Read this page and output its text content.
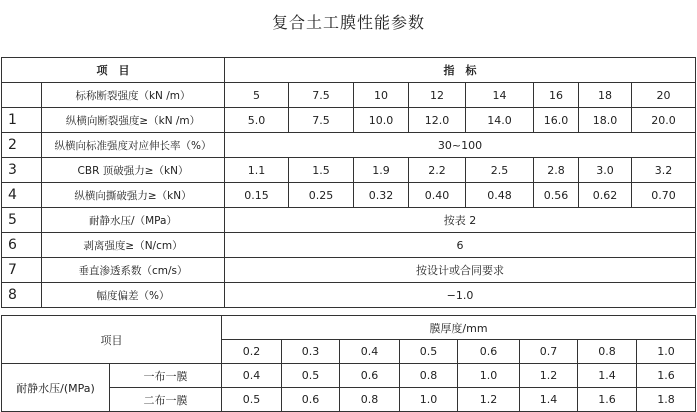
复合土工膜性能参数
项　目		指　标							
	标称断裂强度（kN /m）	5	7.5	10	12	14	16	18	20
1	纵横向断裂强度≥（kN /m）	5.0	7.5	10.0	12.0	14.0	16.0	18.0	20.0
2	纵横向标准强度对应伸长率（%）	30~100							
3	CBR 顶破强力≥（kN）	1.1	1.5	1.9	2.2	2.5	2.8	3.0	3.2
4	纵横向撕破强力≥（kN）	0.15	0.25	0.32	0.40	0.48	0.56	0.62	0.70
5	耐静水压/（MPa）	按表 2							
6	剥离强度≥（N/cm）	6							
7	垂直渗透系数（cm/s）	按设计或合同要求							
8	幅度偏差（%）	−1.0							
项目		膜厚度/mm							
		0.2	0.3	0.4	0.5	0.6	0.7	0.8	1.0
耐静水压/(MPa)	一布一膜	0.4	0.5	0.6	0.8	1.0	1.2	1.4	1.6
	二布一膜	0.5	0.6	0.8	1.0	1.2	1.4	1.6	1.8
